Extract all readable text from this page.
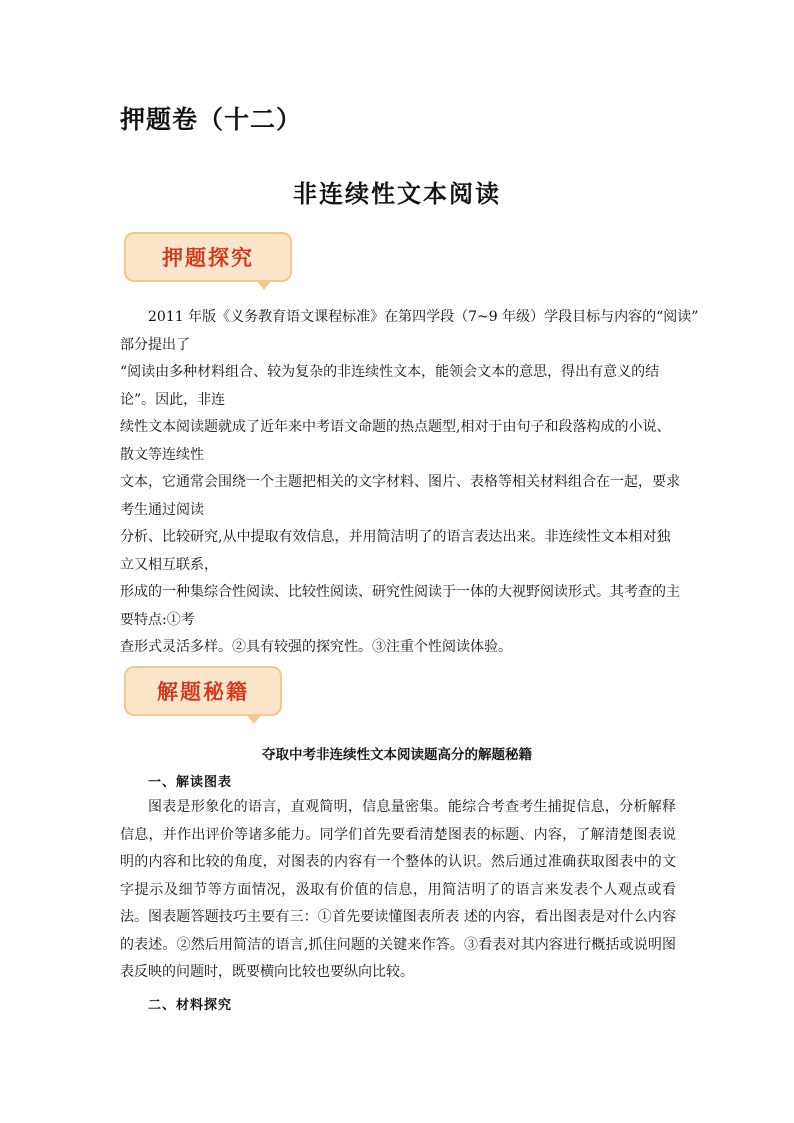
押题卷（十二）
非连续性文本阅读
押题探究
　　2011 年版《义务教育语文课程标准》在第四学段（7~9 年级）学段目标与内容的“阅读”
部分提出了
“阅读由多种材料组合、较为复杂的非连续性文本，能领会文本的意思，得出有意义的结
论”。因此，非连
续性文本阅读题就成了近年来中考语文命题的热点题型,相对于由句子和段落构成的小说、
散文等连续性
文本，它通常会围绕一个主题把相关的文字材料、图片、表格等相关材料组合在一起，要求
考生通过阅读
分析、比较研究,从中提取有效信息，并用简洁明了的语言表达出来。非连续性文本相对独
立又相互联系，
形成的一种集综合性阅读、比较性阅读、研究性阅读于一体的大视野阅读形式。其考查的主
要特点:①考
查形式灵活多样。②具有较强的探究性。③注重个性阅读体验。
解题秘籍
夺取中考非连续性文本阅读题高分的解题秘籍
一、解读图表

图表是形象化的语言，直观简明，信息量密集。能综合考查考生捕捉信息，分析解释信息，并作出评价等诸多能力。同学们首先要看清楚图表的标题、内容，了解清楚图表说明的内容和比较的角度，对图表的内容有一个整体的认识。然后通过准确获取图表中的文字提示及细节等方面情况，汲取有价值的信息，用简洁明了的语言来发表个人观点或看法。 图表题答题技巧主要有三：①首先要读懂图表所表 述的内容，看出图表是对什么内容的表述。②然后用简洁的语言,抓住问题的关键来作答。③看表对其内容进行概括或说明图表反映的问题时，既要横向比较也要纵向比较。

二、材料探究
